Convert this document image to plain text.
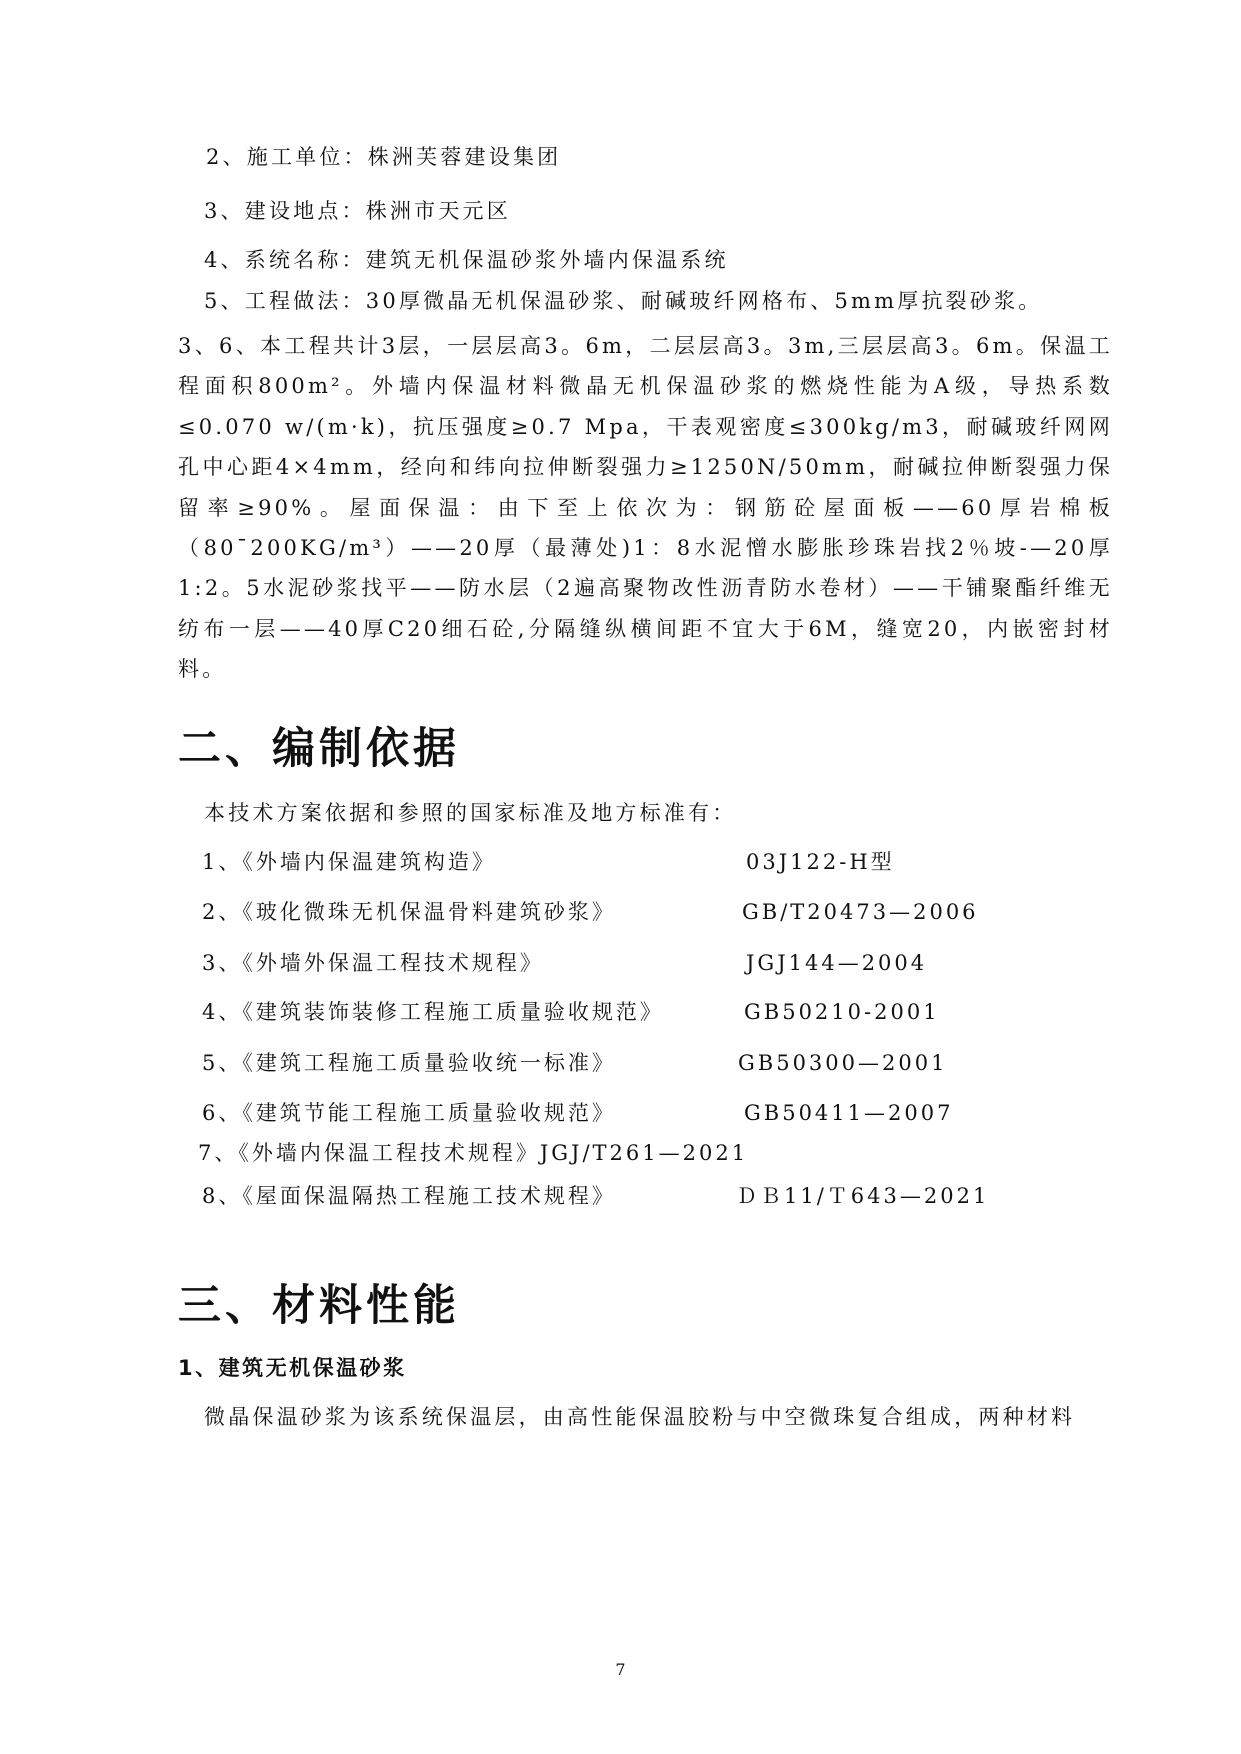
2、施工单位：株洲芙蓉建设集团
3、建设地点：株洲市天元区
4、系统名称：建筑无机保温砂浆外墙内保温系统
5、工程做法：30厚微晶无机保温砂浆、耐碱玻纤网格布、5mm厚抗裂砂浆。
3、6、本工程共计3层，一层层高3。6m，二层层高3。3m,三层层高3。6m。保温工程面积800m²。外墙内保温材料微晶无机保温砂浆的燃烧性能为A级，导热系数≤0.070 w/(m·k)，抗压强度≥0.7 Mpa，干表观密度≤300kg/m3，耐碱玻纤网网孔中心距4×4mm，经向和纬向拉伸断裂强力≥1250N/50mm，耐碱拉伸断裂强力保留率≥90%。屋面保温：由下至上依次为：钢筋砼屋面板——60厚岩棉板（80¯200KG/m³）——20厚（最薄处)1：8水泥憎水膨胀珍珠岩找2％坡-—20厚1:2。5水泥砂浆找平——防水层（2遍高聚物改性沥青防水卷材）——干铺聚酯纤维无纺布一层——40厚C20细石砼,分隔缝纵横间距不宜大于6M，缝宽20，内嵌密封材料。
二、编制依据
本技术方案依据和参照的国家标准及地方标准有：
1、《外墙内保温建筑构造》	03J122-H型
2、《玻化微珠无机保温骨料建筑砂浆》	GB/T20473—2006
3、《外墙外保温工程技术规程》	JGJ144—2004
4、《建筑装饰装修工程施工质量验收规范》	GB50210-2001
5、《建筑工程施工质量验收统一标准》	GB50300—2001
6、《建筑节能工程施工质量验收规范》	GB50411—2007
7、《外墙内保温工程技术规程》JGJ/T261—2021
8、《屋面保温隔热工程施工技术规程》	ＤＢ11/Ｔ643—2021
三、材料性能
1、建筑无机保温砂浆
微晶保温砂浆为该系统保温层，由高性能保温胶粉与中空微珠复合组成，两种材料
7
